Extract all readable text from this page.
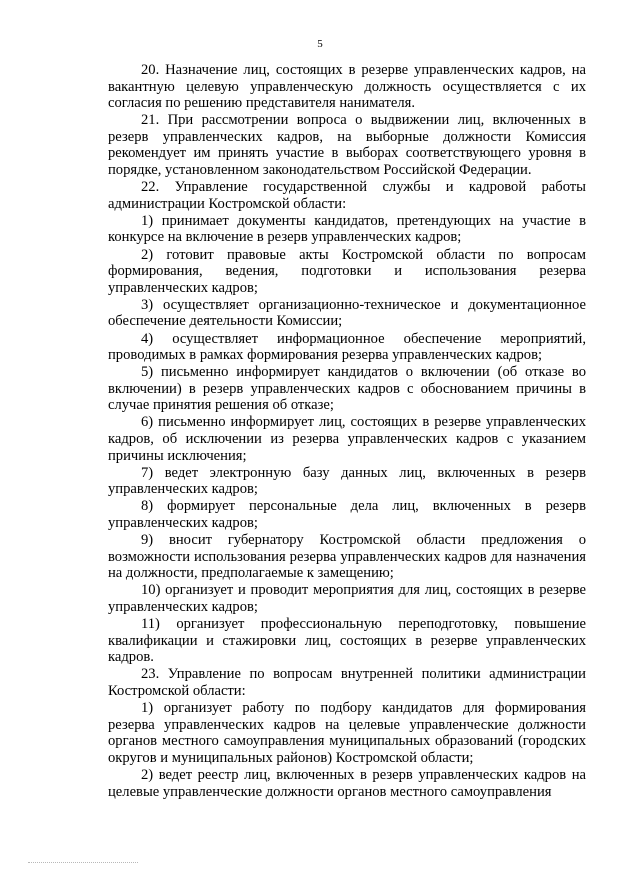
5

20. Назначение лиц, состоящих в резерве управленческих кадров, на вакантную целевую управленческую должность осуществляется с их согласия по решению представителя нанимателя.

21. При рассмотрении вопроса о выдвижении лиц, включенных в резерв управленческих кадров, на выборные должности Комиссия рекомендует им принять участие в выборах соответствующего уровня в порядке, установленном законодательством Российской Федерации.

22. Управление государственной службы и кадровой работы администрации Костромской области:

1) принимает документы кандидатов, претендующих на участие в конкурсе на включение в резерв управленческих кадров;

2) готовит правовые акты Костромской области по вопросам формирования, ведения, подготовки и использования резерва управленческих кадров;

3) осуществляет организационно-техническое и документационное обеспечение деятельности Комиссии;

4) осуществляет информационное обеспечение мероприятий, проводимых в рамках формирования резерва управленческих кадров;

5) письменно информирует кандидатов о включении (об отказе во включении) в резерв управленческих кадров с обоснованием причины в случае принятия решения об отказе;

6) письменно информирует лиц, состоящих в резерве управленческих кадров, об исключении из резерва управленческих кадров с указанием причины исключения;

7) ведет электронную базу данных лиц, включенных в резерв управленческих кадров;

8) формирует персональные дела лиц, включенных в резерв управленческих кадров;

9) вносит губернатору Костромской области предложения о возможности использования резерва управленческих кадров для назначения на должности, предполагаемые к замещению;

10) организует и проводит мероприятия для лиц, состоящих в резерве управленческих кадров;

11) организует профессиональную переподготовку, повышение квалификации и стажировки лиц, состоящих в резерве управленческих кадров.

23. Управление по вопросам внутренней политики администрации Костромской области:

1) организует работу по подбору кандидатов для формирования резерва управленческих кадров на целевые управленческие должности органов местного самоуправления муниципальных образований (городских округов и муниципальных районов) Костромской области;

2) ведет реестр лиц, включенных в резерв управленческих кадров на целевые управленческие должности органов местного самоуправления
